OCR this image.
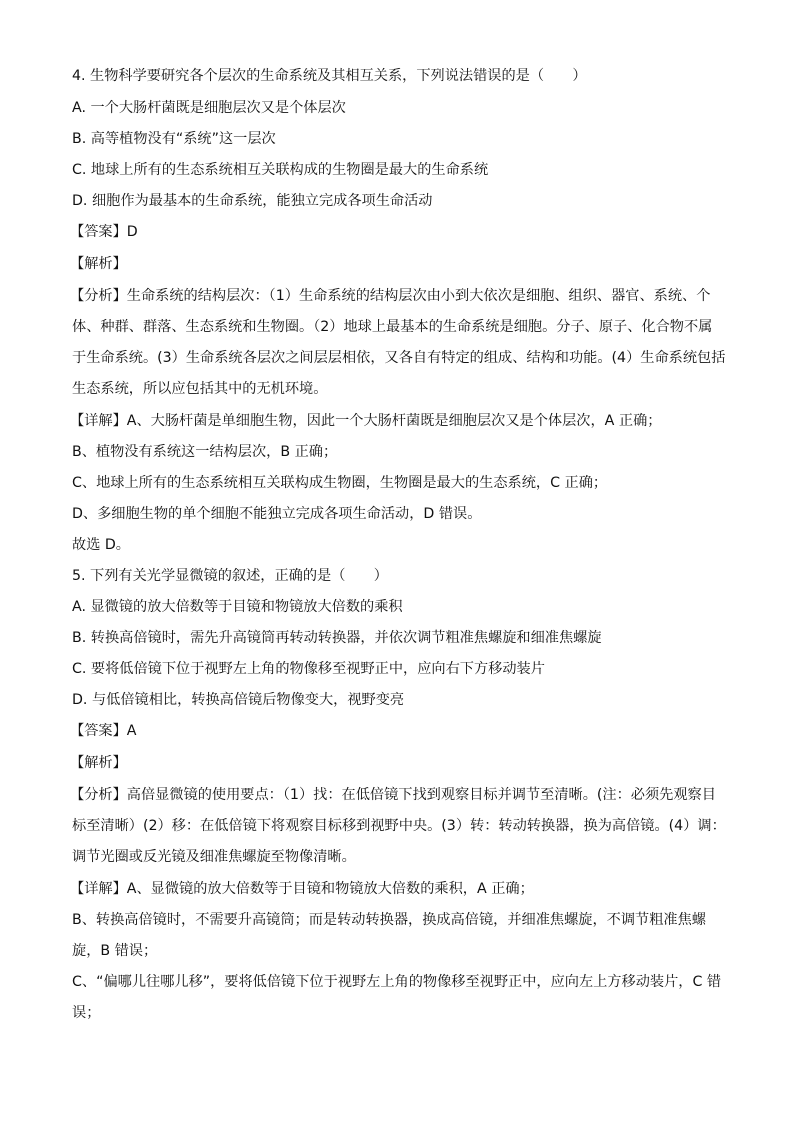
4. 生物科学要研究各个层次的生命系统及其相互关系，下列说法错误的是（　　）
A. 一个大肠杆菌既是细胞层次又是个体层次
B. 高等植物没有“系统”这一层次
C. 地球上所有的生态系统相互关联构成的生物圈是最大的生命系统
D. 细胞作为最基本的生命系统，能独立完成各项生命活动
【答案】D
【解析】
【分析】生命系统的结构层次：（1）生命系统的结构层次由小到大依次是细胞、组织、器官、系统、个
体、种群、群落、生态系统和生物圈。（2）地球上最基本的生命系统是细胞。分子、原子、化合物不属
于生命系统。(3）生命系统各层次之间层层相依，又各自有特定的组成、结构和功能。(4）生命系统包括
生态系统，所以应包括其中的无机环境。
【详解】A、大肠杆菌是单细胞生物，因此一个大肠杆菌既是细胞层次又是个体层次，A 正确；
B、植物没有系统这一结构层次，B 正确；
C、地球上所有的生态系统相互关联构成生物圈，生物圈是最大的生态系统，C 正确；
D、多细胞生物的单个细胞不能独立完成各项生命活动，D 错误。
故选 D。
5. 下列有关光学显微镜的叙述，正确的是（　　）
A. 显微镜的放大倍数等于目镜和物镜放大倍数的乘积
B. 转换高倍镜时，需先升高镜筒再转动转换器，并依次调节粗准焦螺旋和细准焦螺旋
C. 要将低倍镜下位于视野左上角的物像移至视野正中，应向右下方移动装片
D. 与低倍镜相比，转换高倍镜后物像变大，视野变亮
【答案】A
【解析】
【分析】高倍显微镜的使用要点：（1）找：在低倍镜下找到观察目标并调节至清晰。(注：必须先观察目
标至清晰）(2）移：在低倍镜下将观察目标移到视野中央。(3）转：转动转换器，换为高倍镜。(4）调：
调节光圈或反光镜及细准焦螺旋至物像清晰。
【详解】A、显微镜的放大倍数等于目镜和物镜放大倍数的乘积，A 正确；
B、转换高倍镜时，不需要升高镜筒；而是转动转换器，换成高倍镜，并细准焦螺旋，不调节粗准焦螺
旋，B 错误；
C、“偏哪儿往哪儿移”，要将低倍镜下位于视野左上角的物像移至视野正中，应向左上方移动装片，C 错
误；
